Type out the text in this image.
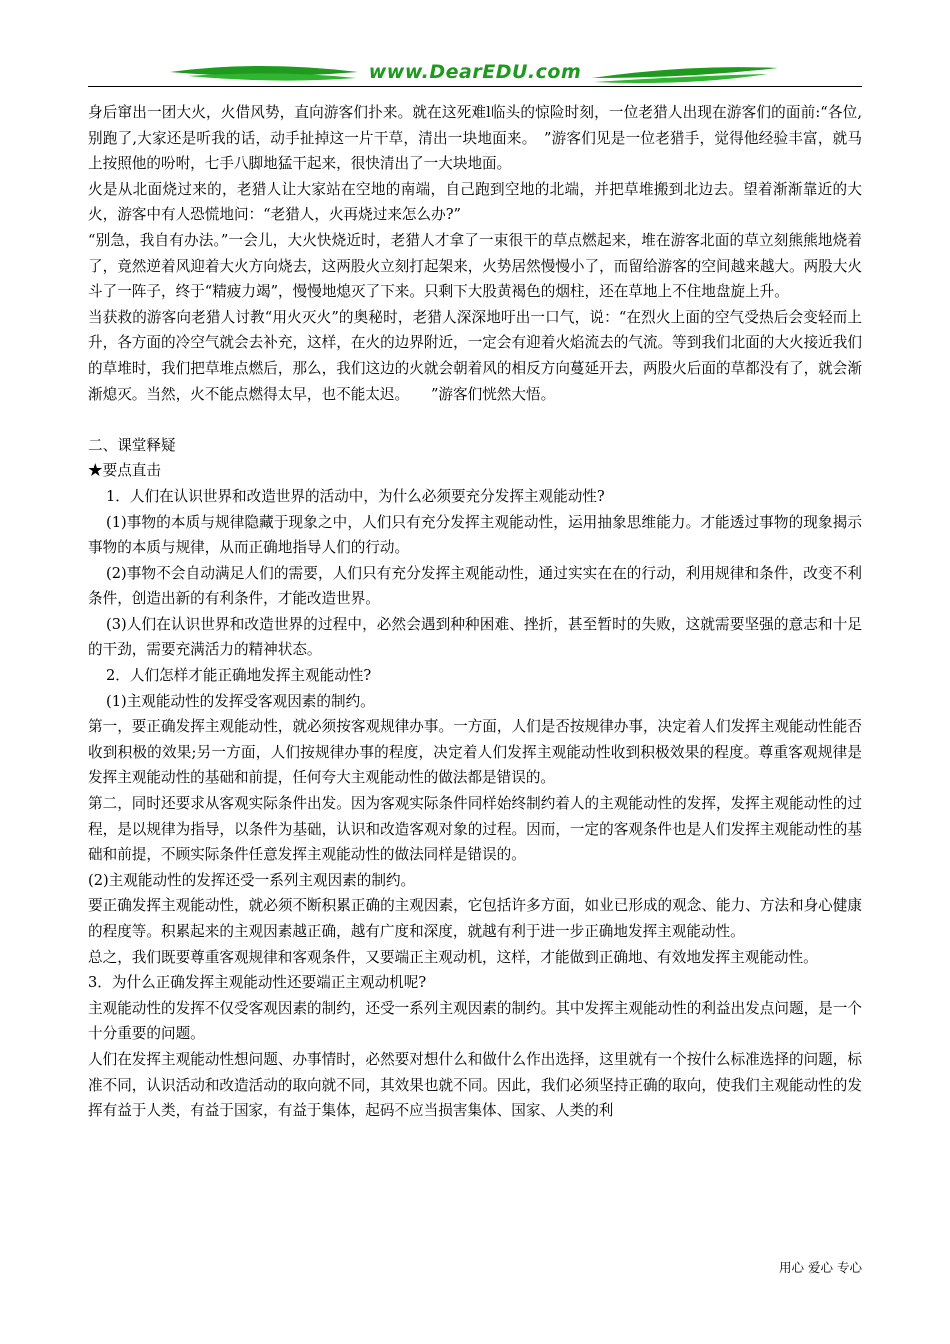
www.DearEDU.com

身后窜出一团大火，火借风势，直向游客们扑来。就在这死难l临头的惊险时刻，一位老猎人出现在游客们的面前:“各位,别跑了,大家还是听我的话，动手扯掉这一片干草，清出一块地面来。　”游客们见是一位老猎手，觉得他经验丰富，就马上按照他的吩咐，七手八脚地猛干起来，很快清出了一大块地面。

火是从北面烧过来的，老猎人让大家站在空地的南端，自己跑到空地的北端，并把草堆搬到北边去。望着渐渐靠近的大火，游客中有人恐慌地问：“老猎人，火再烧过来怎么办?”

“别急，我自有办法。”一会儿，大火快烧近时，老猎人才拿了一束很干的草点燃起来，堆在游客北面的草立刻熊熊地烧着了，竟然逆着风迎着大火方向烧去，这两股火立刻打起架来，火势居然慢慢小了，而留给游客的空间越来越大。两股大火斗了一阵子，终于“精疲力竭”，慢慢地熄灭了下来。只剩下大股黄褐色的烟柱，还在草地上不住地盘旋上升。

当获救的游客向老猎人讨教“用火灭火”的奥秘时，老猎人深深地吁出一口气，说：“在烈火上面的空气受热后会变轻而上升，各方面的冷空气就会去补充，这样，在火的边界附近，一定会有迎着火焰流去的气流。等到我们北面的大火接近我们的草堆时，我们把草堆点燃后，那么，我们这边的火就会朝着风的相反方向蔓延开去，两股火后面的草都没有了，就会渐渐熄灭。当然，火不能点燃得太早，也不能太迟。　　”游客们恍然大悟。

二、课堂释疑

★要点直击

1．人们在认识世界和改造世界的活动中，为什么必须要充分发挥主观能动性?

(1)事物的本质与规律隐藏于现象之中，人们只有充分发挥主观能动性，运用抽象思维能力。才能透过事物的现象揭示事物的本质与规律，从而正确地指导人们的行动。

(2)事物不会自动满足人们的需要，人们只有充分发挥主观能动性，通过实实在在的行动，利用规律和条件，改变不利条件，创造出新的有利条件，才能改造世界。

(3)人们在认识世界和改造世界的过程中，必然会遇到种种困难、挫折，甚至暂时的失败，这就需要坚强的意志和十足的干劲，需要充满活力的精神状态。

2．人们怎样才能正确地发挥主观能动性?

(1)主观能动性的发挥受客观因素的制约。

第一，要正确发挥主观能动性，就必须按客观规律办事。一方面，人们是否按规律办事，决定着人们发挥主观能动性能否收到积极的效果;另一方面，人们按规律办事的程度，决定着人们发挥主观能动性收到积极效果的程度。尊重客观规律是发挥主观能动性的基础和前提，任何夸大主观能动性的做法都是错误的。

第二，同时还要求从客观实际条件出发。因为客观实际条件同样始终制约着人的主观能动性的发挥，发挥主观能动性的过程，是以规律为指导，以条件为基础，认识和改造客观对象的过程。因而，一定的客观条件也是人们发挥主观能动性的基础和前提，不顾实际条件任意发挥主观能动性的做法同样是错误的。

(2)主观能动性的发挥还受一系列主观因素的制约。

要正确发挥主观能动性，就必须不断积累正确的主观因素，它包括许多方面，如业已形成的观念、能力、方法和身心健康的程度等。积累起来的主观因素越正确，越有广度和深度，就越有利于进一步正确地发挥主观能动性。

总之，我们既要尊重客观规律和客观条件，又要端正主观动机，这样，才能做到正确地、有效地发挥主观能动性。

3．为什么正确发挥主观能动性还要端正主观动机呢?

主观能动性的发挥不仅受客观因素的制约，还受一系列主观因素的制约。其中发挥主观能动性的利益出发点问题，是一个十分重要的问题。

人们在发挥主观能动性想问题、办事情时，必然要对想什么和做什么作出选择，这里就有一个按什么标准选择的问题，标准不同，认识活动和改造活动的取向就不同，其效果也就不同。因此，我们必须坚持正确的取向，使我们主观能动性的发挥有益于人类，有益于国家，有益于集体，起码不应当损害集体、国家、人类的利

用心 爱心 专心
